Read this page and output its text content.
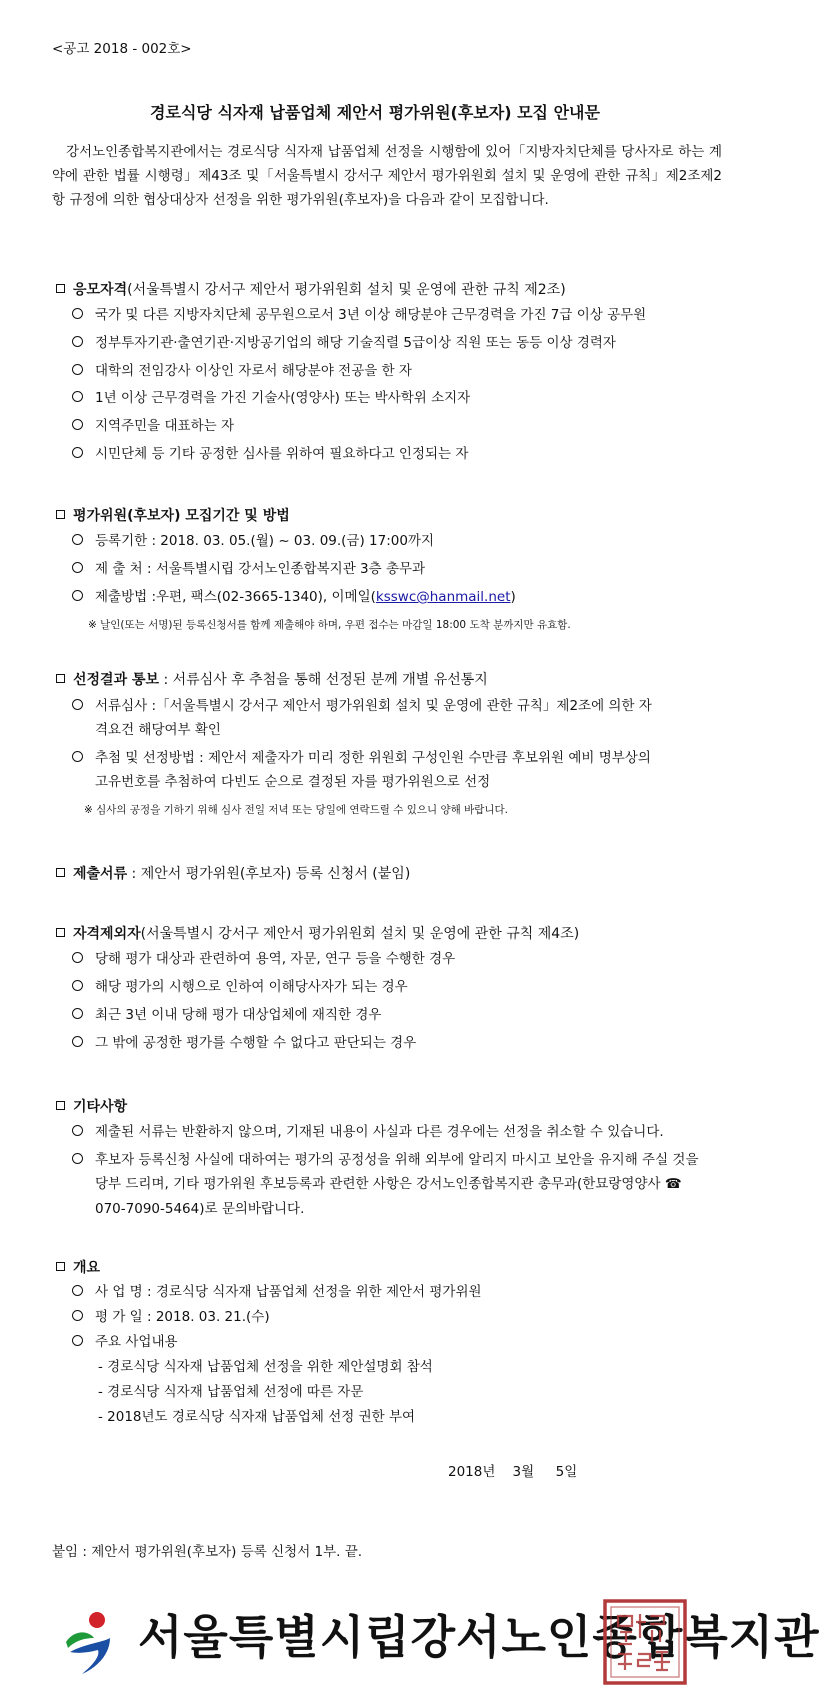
<공고 2018 - 002호>
경로식당 식자재 납품업체 제안서 평가위원(후보자) 모집 안내문
강서노인종합복지관에서는 경로식당 식자재 납품업체 선정을 시행함에 있어「지방자치단체를 당사자로 하는 계약에 관한 법률 시행령」제43조 및「서울특별시 강서구 제안서 평가위원회 설치 및 운영에 관한 규칙」제2조제2항 규정에 의한 협상대상자 선정을 위한 평가위원(후보자)을 다음과 같이 모집합니다.
응모자격(서울특별시 강서구 제안서 평가위원회 설치 및 운영에 관한 규칙 제2조)
국가 및 다른 지방자치단체 공무원으로서 3년 이상 해당분야 근무경력을 가진 7급 이상 공무원
정부투자기관·출연기관·지방공기업의 해당 기술직렬 5급이상 직원 또는 동등 이상 경력자
대학의 전임강사 이상인 자로서 해당분야 전공을 한 자
1년 이상 근무경력을 가진 기술사(영양사) 또는 박사학위 소지자
지역주민을 대표하는 자
시민단체 등 기타 공정한 심사를 위하여 필요하다고 인정되는 자
평가위원(후보자) 모집기간 및 방법
등록기한 : 2018. 03. 05.(월) ~ 03. 09.(금) 17:00까지
제 출 처 : 서울특별시립 강서노인종합복지관 3층 총무과
제출방법 :우편, 팩스(02-3665-1340), 이메일(ksswc@hanmail.net)
※ 날인(또는 서명)된 등록신청서를 함께 제출해야 하며, 우편 접수는 마감일 18:00 도착 분까지만 유효함.
선정결과 통보 : 서류심사 후 추첨을 통해 선정된 분께 개별 유선통지
서류심사 :「서울특별시 강서구 제안서 평가위원회 설치 및 운영에 관한 규칙」제2조에 의한 자
격요건 해당여부 확인
추첨 및 선정방법 : 제안서 제출자가 미리 정한 위원회 구성인원 수만큼 후보위원 예비 명부상의
고유번호를 추첨하여 다빈도 순으로 결정된 자를 평가위원으로 선정
※ 심사의 공정을 기하기 위해 심사 전일 저녁 또는 당일에 연락드릴 수 있으니 양해 바랍니다.
제출서류 : 제안서 평가위원(후보자) 등록 신청서 (붙임)
자격제외자(서울특별시 강서구 제안서 평가위원회 설치 및 운영에 관한 규칙 제4조)
당해 평가 대상과 관련하여 용역, 자문, 연구 등을 수행한 경우
해당 평가의 시행으로 인하여 이해당사자가 되는 경우
최근 3년 이내 당해 평가 대상업체에 재직한 경우
그 밖에 공정한 평가를 수행할 수 없다고 판단되는 경우
기타사항
제출된 서류는 반환하지 않으며, 기재된 내용이 사실과 다른 경우에는 선정을 취소할 수 있습니다.
후보자 등록신청 사실에 대하여는 평가의 공정성을 위해 외부에 알리지 마시고 보안을 유지해 주실 것을
당부 드리며, 기타 평가위원 후보등록과 관련한 사항은 강서노인종합복지관 총무과(한묘랑영양사 ☎
070-7090-5464)로 문의바랍니다.
개요
사 업 명 : 경로식당 식자재 납품업체 선정을 위한 제안서 평가위원
평 가 일 : 2018. 03. 21.(수)
주요 사업내용
- 경로식당 식자재 납품업체 선정을 위한 제안설명회 참석
- 경로식당 식자재 납품업체 선정에 따른 자문
- 2018년도 경로식당 식자재 납품업체 선정 권한 부여
2018년    3월     5일
붙임 : 제안서 평가위원(후보자) 등록 신청서 1부. 끝.
서울특별시립강서노인종합복지관
